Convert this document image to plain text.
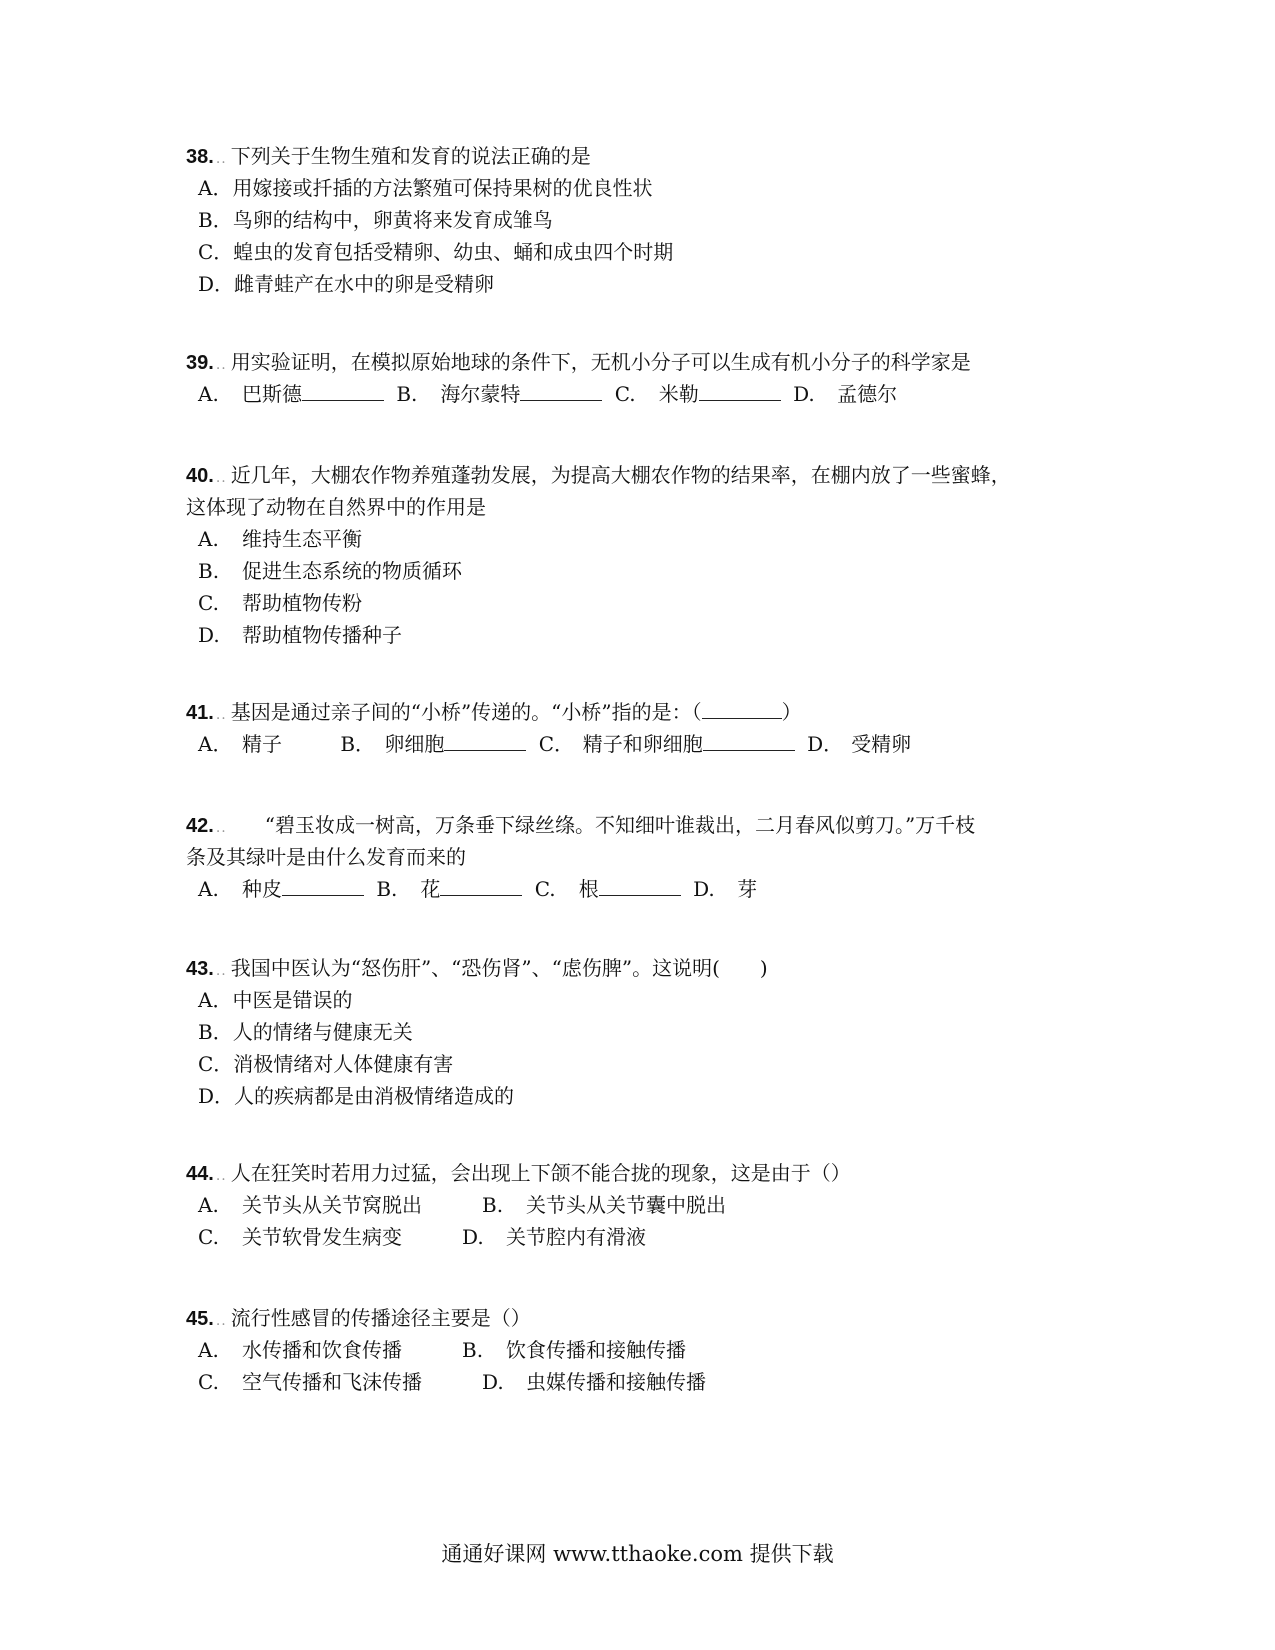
38. .. 下列关于生物生殖和发育的说法正确的是
A．用嫁接或扦插的方法繁殖可保持果树的优良性状
B．鸟卵的结构中，卵黄将来发育成雏鸟
C．蝗虫的发育包括受精卵、幼虫、蛹和成虫四个时期
D．雌青蛙产在水中的卵是受精卵
39. .. 用实验证明，在模拟原始地球的条件下，无机小分子可以生成有机小分子的科学家是
A. 巴斯德	B. 海尔蒙特	C. 米勒	D. 孟德尔
40. .. 近几年，大棚农作物养殖蓬勃发展，为提高大棚农作物的结果率，在棚内放了一些蜜蜂，
这体现了动物在自然界中的作用是
A. 维持生态平衡
B. 促进生态系统的物质循环
C. 帮助植物传粉
D. 帮助植物传播种子
41. .. 基因是通过亲子间的“小桥”传递的。“小桥”指的是：（	）
A． 精子	B． 卵细胞	C． 精子和卵细胞	D． 受精卵
42. .. “碧玉妆成一树高，万条垂下绿丝绦。不知细叶谁裁出，二月春风似剪刀。”万千枝
条及其绿叶是由什么发育而来的
A. 种皮	B. 花	C. 根	D. 芽
43. .. 我国中医认为“怒伤肝”、“恐伤肾”、“虑伤脾”。这说明(　　)
A．中医是错误的
B．人的情绪与健康无关
C．消极情绪对人体健康有害
D．人的疾病都是由消极情绪造成的
44. .. 人在狂笑时若用力过猛，会出现上下颌不能合拢的现象，这是由于（）
A. 关节头从关节窝脱出	B. 关节头从关节囊中脱出
C. 关节软骨发生病变	D. 关节腔内有滑液
45. .. 流行性感冒的传播途径主要是（）
A. 水传播和饮食传播	B. 饮食传播和接触传播
C. 空气传播和飞沫传播	D. 虫媒传播和接触传播
通通好课网 www.tthaoke.com 提供下载
